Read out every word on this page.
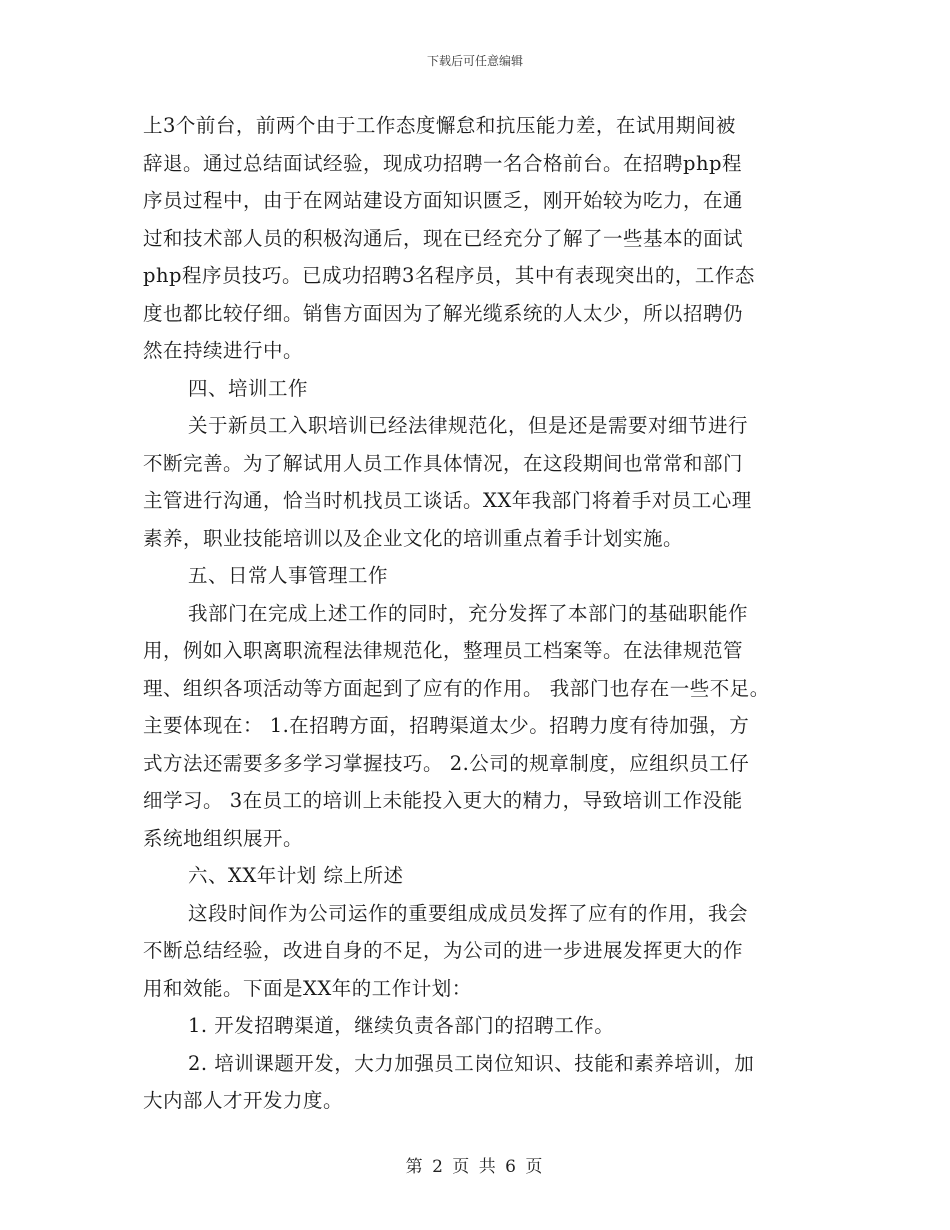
下载后可任意编辑
上3个前台，前两个由于工作态度懈怠和抗压能力差，在试用期间被
辞退。通过总结面试经验，现成功招聘一名合格前台。在招聘php程
序员过程中，由于在网站建设方面知识匮乏，刚开始较为吃力，在通
过和技术部人员的积极沟通后，现在已经充分了解了一些基本的面试
php程序员技巧。已成功招聘3名程序员，其中有表现突出的，工作态
度也都比较仔细。销售方面因为了解光缆系统的人太少，所以招聘仍
然在持续进行中。
四、培训工作
关于新员工入职培训已经法律规范化，但是还是需要对细节进行
不断完善。为了解试用人员工作具体情况，在这段期间也常常和部门
主管进行沟通，恰当时机找员工谈话。XX年我部门将着手对员工心理
素养，职业技能培训以及企业文化的培训重点着手计划实施。
五、日常人事管理工作
我部门在完成上述工作的同时，充分发挥了本部门的基础职能作
用，例如入职离职流程法律规范化，整理员工档案等。在法律规范管
理、组织各项活动等方面起到了应有的作用。 我部门也存在一些不足。
主要体现在： 1.在招聘方面，招聘渠道太少。招聘力度有待加强，方
式方法还需要多多学习掌握技巧。 2.公司的规章制度，应组织员工仔
细学习。 3在员工的培训上未能投入更大的精力，导致培训工作没能
系统地组织展开。
六、XX年计划 综上所述
这段时间作为公司运作的重要组成成员发挥了应有的作用，我会
不断总结经验，改进自身的不足，为公司的进一步进展发挥更大的作
用和效能。下面是XX年的工作计划：
1. 开发招聘渠道，继续负责各部门的招聘工作。
2. 培训课题开发，大力加强员工岗位知识、技能和素养培训，加
大内部人才开发力度。
第 2 页 共 6 页
